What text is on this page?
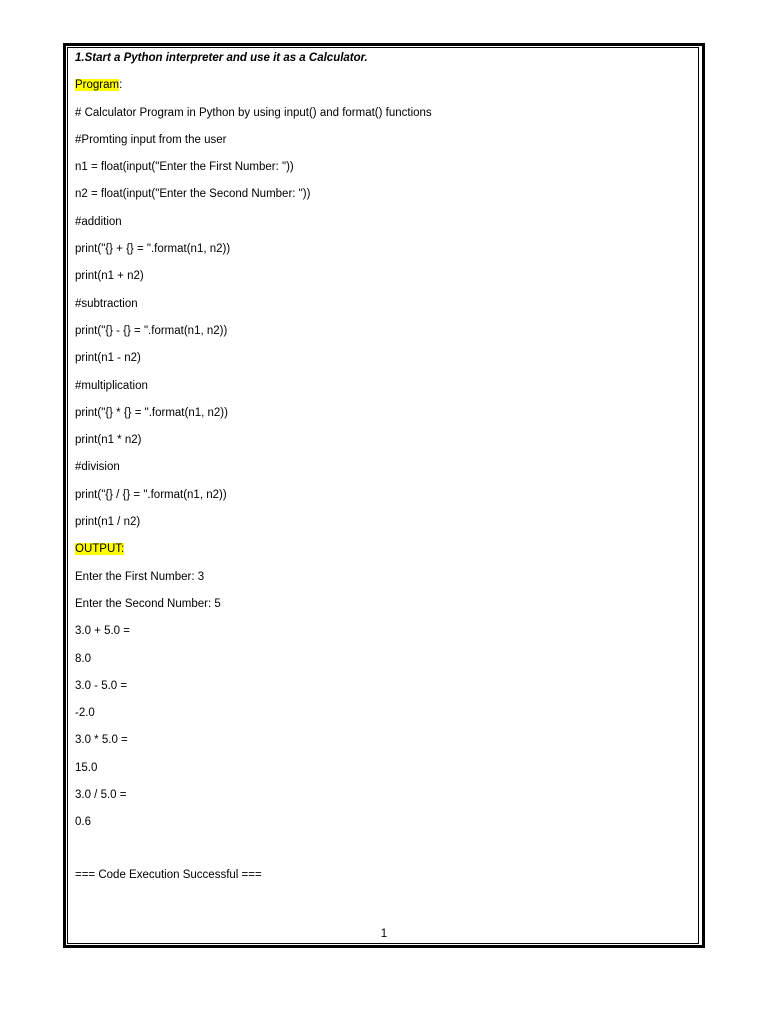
1.Start a Python interpreter and use it as a Calculator.
Program:
# Calculator Program in Python by using input() and format() functions
#Promting input from the user
n1 = float(input("Enter the First Number: "))
n2 = float(input("Enter the Second Number: "))
#addition
print("{} + {} = ".format(n1, n2))
print(n1 + n2)
#subtraction
print("{} - {} = ".format(n1, n2))
print(n1 - n2)
#multiplication
print("{} * {} = ".format(n1, n2))
print(n1 * n2)
#division
print("{} / {} = ".format(n1, n2))
print(n1 / n2)
OUTPUT:
Enter the First Number: 3
Enter the Second Number: 5
3.0 + 5.0 =
8.0
3.0 - 5.0 =
-2.0
3.0 * 5.0 =
15.0
3.0 / 5.0 =
0.6
=== Code Execution Successful ===
1
